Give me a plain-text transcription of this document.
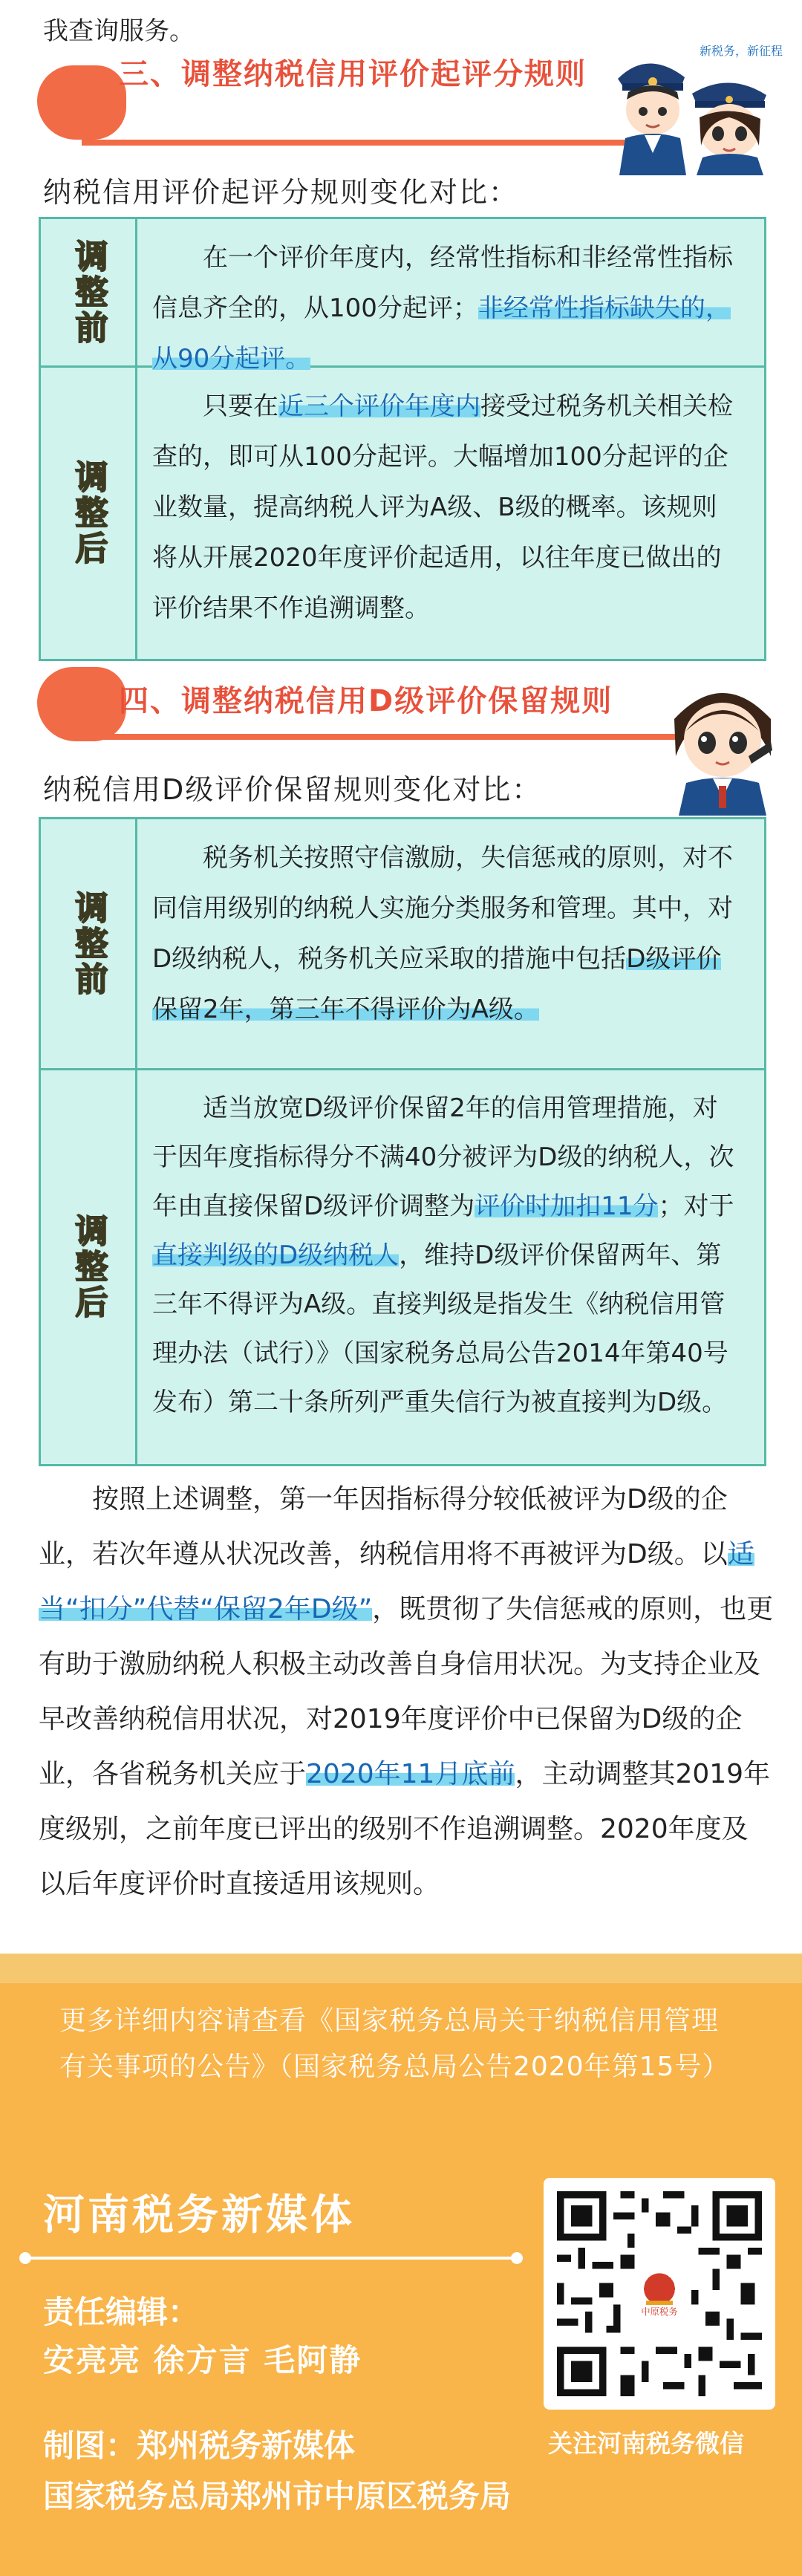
我查询服务。
三、调整纳税信用评价起评分规则
新税务，新征程
纳税信用评价起评分规则变化对比：
调整前	在一个评价年度内，经常性指标和非经常性指标信息齐全的，从100分起评；非经常性指标缺失的，从90分起评。
调整后
只要在近三个评价年度内接受过税务机关相关检查的，即可从100分起评。大幅增加100分起评的企业数量，提高纳税人评为A级、B级的概率。该规则将从开展2020年度评价起适用，以往年度已做出的评价结果不作追溯调整。
四、调整纳税信用D级评价保留规则
纳税信用D级评价保留规则变化对比：
调整前
税务机关按照守信激励，失信惩戒的原则，对不同信用级别的纳税人实施分类服务和管理。其中，对D级纳税人，税务机关应采取的措施中包括D级评价保留2年，第三年不得评价为A级。
调整后
适当放宽D级评价保留2年的信用管理措施，对于因年度指标得分不满40分被评为D级的纳税人，次年由直接保留D级评价调整为评价时加扣11分；对于直接判级的D级纳税人，维持D级评价保留两年、第三年不得评为A级。直接判级是指发生《纳税信用管理办法（试行）》（国家税务总局公告2014年第40号发布）第二十条所列严重失信行为被直接判为D级。
按照上述调整，第一年因指标得分较低被评为D级的企业，若次年遵从状况改善，纳税信用将不再被评为D级。以适当“扣分”代替“保留2年D级”，既贯彻了失信惩戒的原则，也更有助于激励纳税人积极主动改善自身信用状况。为支持企业及早改善纳税信用状况，对2019年度评价中已保留为D级的企业，各省税务机关应于2020年11月底前，主动调整其2019年度级别，之前年度已评出的级别不作追溯调整。2020年度及以后年度评价时直接适用该规则。
更多详细内容请查看《国家税务总局关于纳税信用管理有关事项的公告》（国家税务总局公告2020年第15号）
河南税务新媒体
责任编辑：
安亮亮 徐方言 毛阿静
制图：郑州税务新媒体
国家税务总局郑州市中原区税务局
中原税务
关注河南税务微信
